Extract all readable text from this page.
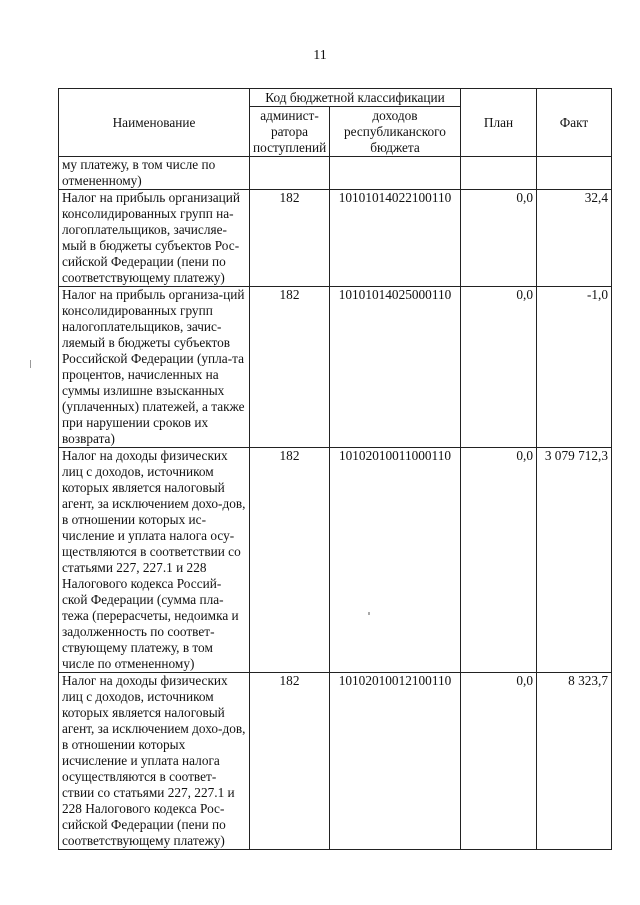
11
Наименование	Код бюджетной классификации		План	Факт
	админист-ратора поступлений	доходов республиканского бюджета		
му платежу, в том числе по отмененному)				
Налог на прибыль организаций консолидированных групп на-логоплательщиков, зачисляе-мый в бюджеты субъектов Рос-сийской Федерации (пени по соответствующему платежу)	182	10101014022100110	0,0	32,4
Налог на прибыль организа-ций консолидированных групп налогоплательщиков, зачис-ляемый в бюджеты субъектов Российской Федерации (упла-та процентов, начисленных на суммы излишне взысканных (уплаченных) платежей, а также при нарушении сроков их возврата)	182	10101014025000110	0,0	-1,0
Налог на доходы физических лиц с доходов, источником которых является налоговый агент, за исключением дохо-дов, в отношении которых ис-числение и уплата налога осу-ществляются в соответствии со статьями 227, 227.1 и 228 Налогового кодекса Россий-ской Федерации (сумма пла-тежа (перерасчеты, недоимка и задолженность по соответ-ствующему платежу, в том числе по отмененному)	182	10102010011000110	0,0	3 079 712,3
Налог на доходы физических лиц с доходов, источником которых является налоговый агент, за исключением дохо-дов, в отношении которых исчисление и уплата налога осуществляются в соответ-ствии со статьями 227, 227.1 и 228 Налогового кодекса Рос-сийской Федерации (пени по соответствующему платежу)	182	10102010012100110	0,0	8 323,7
